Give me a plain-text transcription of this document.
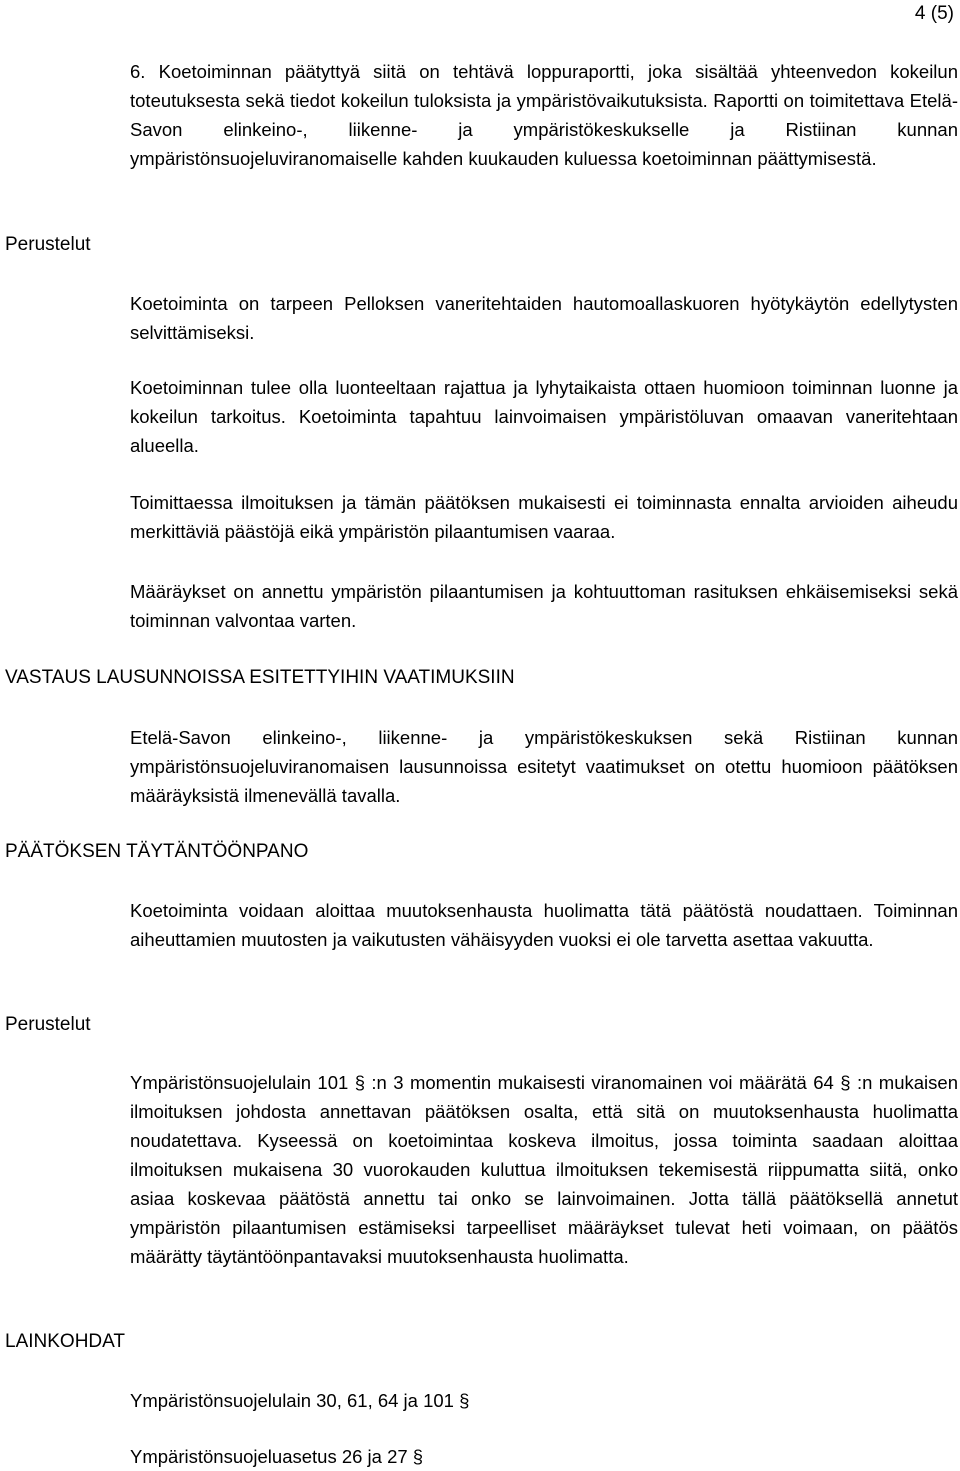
4 (5)

6. Koetoiminnan päätyttyä siitä on tehtävä loppuraportti, joka sisältää yhteenvedon kokeilun toteutuksesta sekä tiedot kokeilun tuloksista ja ympäristövaikutuksista. Raportti on toimitettava Etelä-Savon elinkeino-, liikenne- ja ympäristökeskukselle ja Ristiinan kunnan ympäristönsuojeluviranomaiselle kahden kuukauden kuluessa koetoiminnan päättymisestä.

Perustelut

Koetoiminta on tarpeen Pelloksen vaneritehtaiden hautomoallaskuoren hyötykäytön edellytysten selvittämiseksi.

Koetoiminnan tulee olla luonteeltaan rajattua ja lyhytaikaista ottaen huomioon toiminnan luonne ja kokeilun tarkoitus. Koetoiminta tapahtuu lainvoimaisen ympäristöluvan omaavan vaneritehtaan alueella.

Toimittaessa ilmoituksen ja tämän päätöksen mukaisesti ei toiminnasta ennalta arvioiden aiheudu merkittäviä päästöjä eikä ympäristön pilaantumisen vaaraa.

Määräykset on annettu ympäristön pilaantumisen ja kohtuuttoman rasituksen ehkäisemiseksi sekä toiminnan valvontaa varten.

VASTAUS LAUSUNNOISSA ESITETTYIHIN VAATIMUKSIIN

Etelä-Savon elinkeino-, liikenne- ja ympäristökeskuksen sekä Ristiinan kunnan ympäristönsuojeluviranomaisen lausunnoissa esitetyt vaatimukset on otettu huomioon päätöksen määräyksistä ilmenevällä tavalla.

PÄÄTÖKSEN TÄYTÄNTÖÖNPANO

Koetoiminta voidaan aloittaa muutoksenhausta huolimatta tätä päätöstä noudattaen. Toiminnan aiheuttamien muutosten ja vaikutusten vähäisyyden vuoksi ei ole tarvetta asettaa vakuutta.

Perustelut

Ympäristönsuojelulain 101 § :n 3 momentin mukaisesti viranomainen voi määrätä 64 § :n mukaisen ilmoituksen johdosta annettavan päätöksen osalta, että sitä on muutoksenhausta huolimatta noudatettava. Kyseessä on koetoimintaa koskeva ilmoitus, jossa toiminta saadaan aloittaa ilmoituksen mukaisena 30 vuorokauden kuluttua ilmoituksen tekemisestä riippumatta siitä, onko asiaa koskevaa päätöstä annettu tai onko se lainvoimainen. Jotta tällä päätöksellä annetut ympäristön pilaantumisen estämiseksi tarpeelliset määräykset tulevat heti voimaan, on päätös määrätty täytäntöönpantavaksi muutoksenhausta huolimatta.

LAINKOHDAT

Ympäristönsuojelulain 30, 61, 64 ja 101 §

Ympäristönsuojeluasetus 26 ja 27 §
